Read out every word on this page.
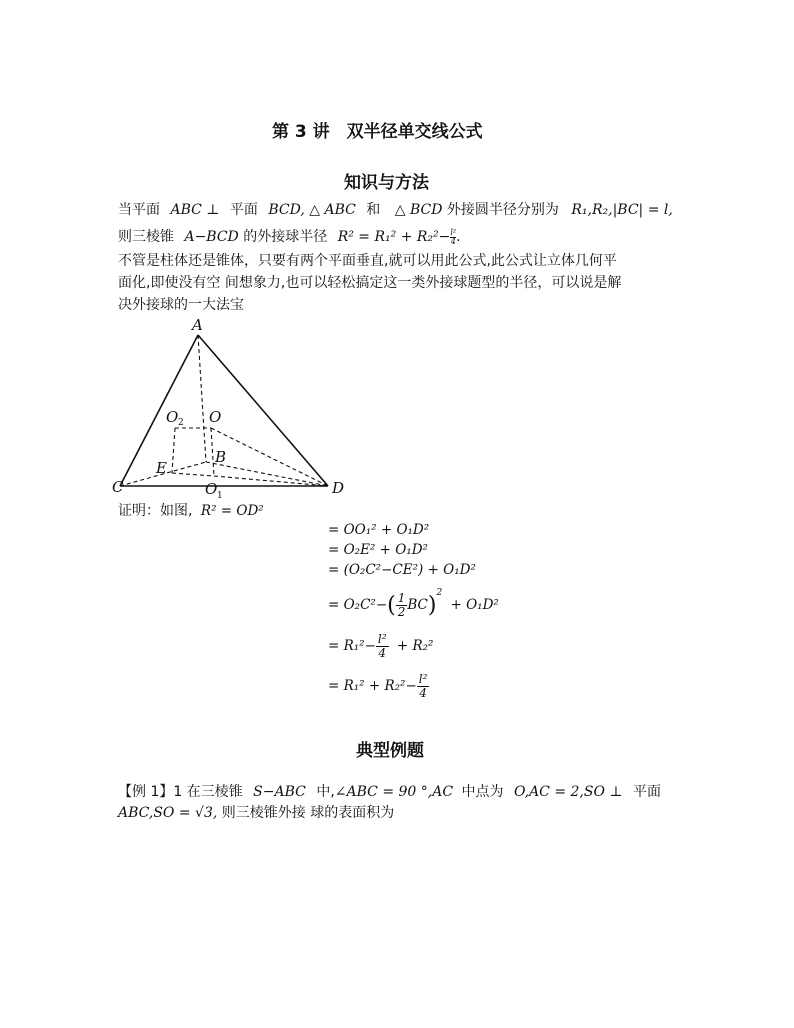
第 3 讲　双半径单交线公式
知识与方法
当平面 ABC ⊥ 平面 BCD, △ ABC 和 △ BCD 外接圆半径分别为 R₁,R₂,|BC| = l,
则三棱锥 A−BCD 的外接球半径 $R^2 = R_1^2 + R_2^2- \frac{\text{l²}}{4}$.
不管是柱体还是锥体，只要有两个平面垂直,就可以用此公式,此公式让立体几何平
面化,即使没有空 间想象力,也可以轻松搞定这一类外接球题型的半径，可以说是解
决外接球的一大法宝
A
O 2 O
E
B
C	O 1	D
证明：如图, R² = OD²
= OO₁² + O₁D²
= O₂E² + O₁D²
= (O₂C²−CE²) + O₁D²
= $O_2C^2-( \frac{1}{2} BC)^2 + O_1D^2$
= $R_1^2- \frac{\text{l²}}{4} + R_2^2$
= $R_1^2 + R_2^2- \frac{\text{l²}}{4}$
典型例题
【例 1】1 在三棱锥 S−ABC 中,∠ABC = 90 °,AC 中点为 O,AC = 2,SO ⊥ 平面
ABC,SO = √3, 则三棱锥外接 球的表面积为
